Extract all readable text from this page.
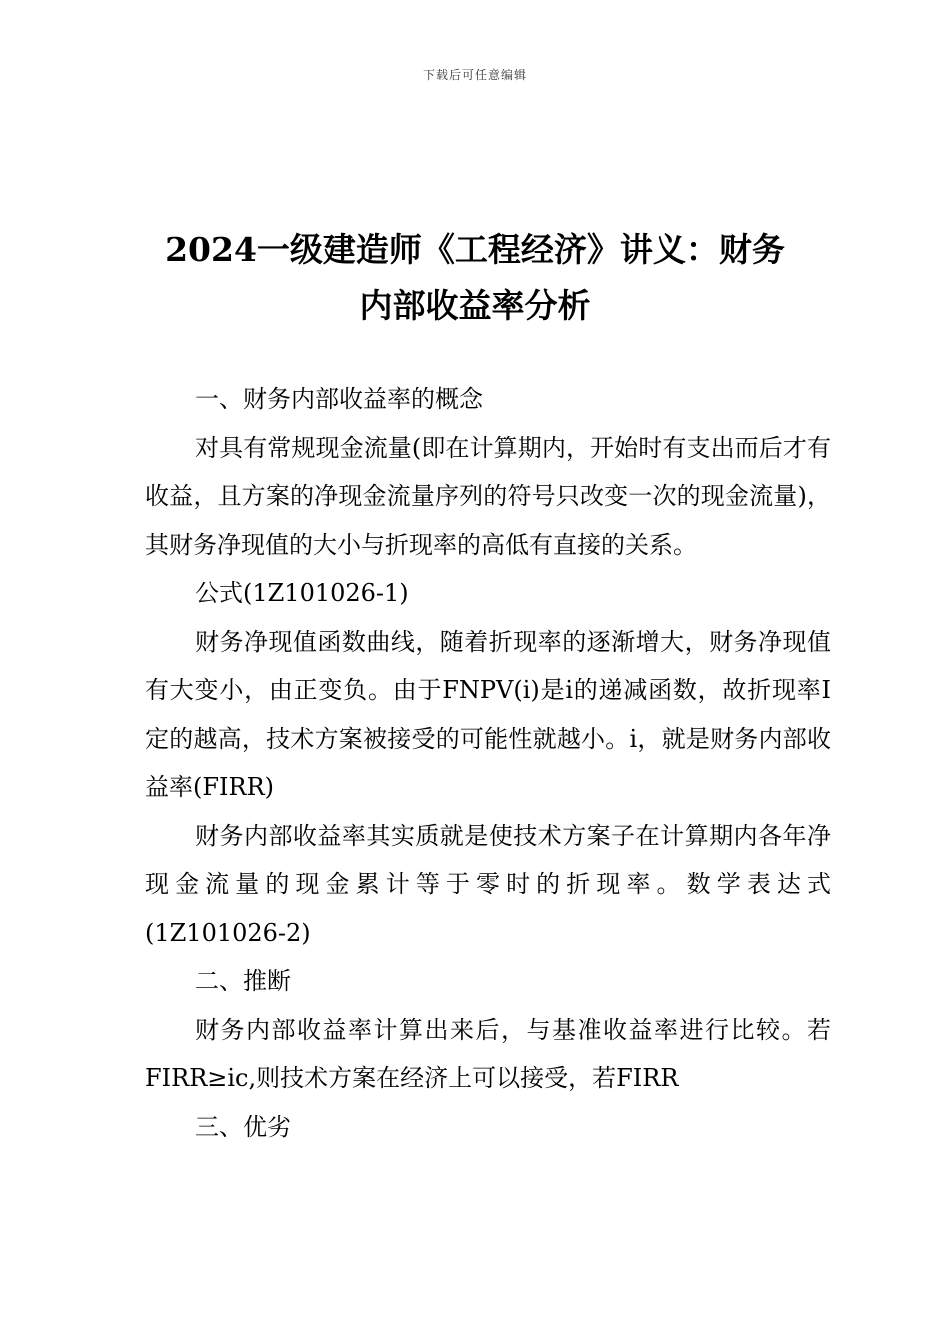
下载后可任意编辑
2024一级建造师《工程经济》讲义：财务
内部收益率分析

一、财务内部收益率的概念

对具有常规现金流量(即在计算期内，开始时有支出而后才有收益，且方案的净现金流量序列的符号只改变一次的现金流量)，其财务净现值的大小与折现率的高低有直接的关系。

公式(1Z101026-1)

财务净现值函数曲线，随着折现率的逐渐增大，财务净现值有大变小，由正变负。由于FNPV(i)是i的递减函数，故折现率I定的越高，技术方案被接受的可能性就越小。i，就是财务内部收益率(FIRR)

财务内部收益率其实质就是使技术方案子在计算期内各年净现金流量的现金累计等于零时的折现率。数学表达式(1Z101026-2)

二、推断

财务内部收益率计算出来后，与基准收益率进行比较。若FIRR≥ic,则技术方案在经济上可以接受，若FIRR

三、优劣
